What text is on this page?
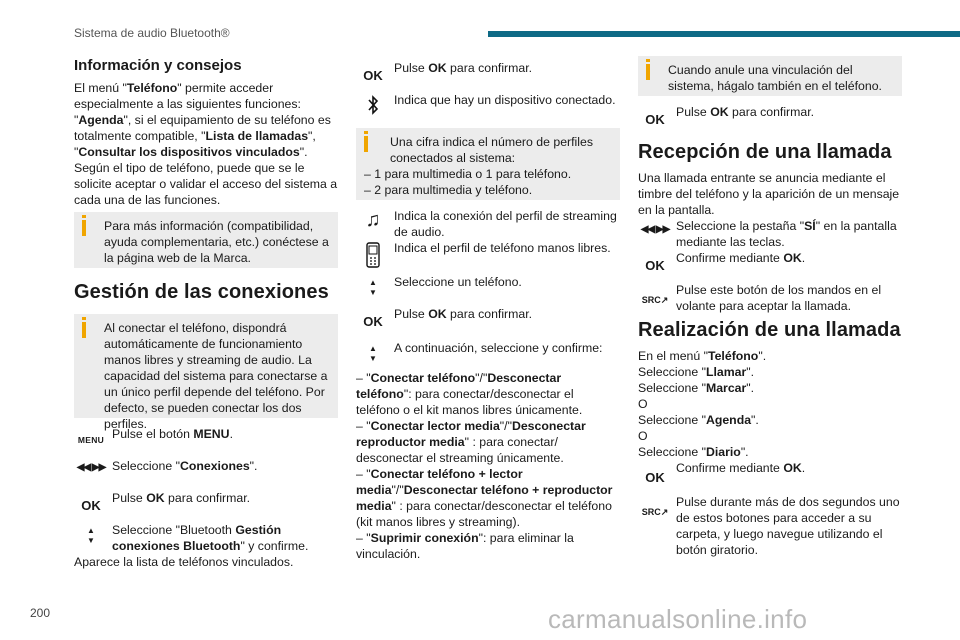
Sistema de audio Bluetooth®
Información y consejos
El menú "Teléfono" permite acceder especialmente a las siguientes funciones: "Agenda", si el equipamiento de su teléfono es totalmente compatible, "Lista de llamadas", "Consultar los dispositivos vinculados". Según el tipo de teléfono, puede que se le solicite aceptar o validar el acceso del sistema a cada una de las funciones.
Para más información (compatibilidad, ayuda complementaria, etc.) conéctese a la página web de la Marca.
Gestión de las conexiones
Al conectar el teléfono, dispondrá automáticamente de funcionamiento manos libres y streaming de audio. La capacidad del sistema para conectarse a un único perfil depende del teléfono. Por defecto, se pueden conectar los dos perfiles.
MENU Pulse el botón MENU.
◀◀ ▶▶ Seleccione "Conexiones".
OK Pulse OK para confirmar.
▲
▼
Seleccione "Bluetooth Gestión conexiones Bluetooth" y confirme.
Aparece la lista de teléfonos vinculados.
OK Pulse OK para confirmar.
Indica que hay un dispositivo conectado.
Una cifra indica el número de perfiles conectados al sistema:
– 1 para multimedia o 1 para teléfono.
– 2 para multimedia y teléfono.
♫	Indica la conexión del perfil de streaming de audio.
Indica el perfil de teléfono manos libres.
▲
▼
Seleccione un teléfono.
OK Pulse OK para confirmar.
▲
▼
A continuación, seleccione y confirme:
– "Conectar teléfono"/"Desconectar teléfono": para conectar/desconectar el teléfono o el kit manos libres únicamente.
– "Conectar lector media"/"Desconectar reproductor media" : para conectar/ desconectar el streaming únicamente.
– "Conectar teléfono + lector media"/"Desconectar teléfono + reproductor media" : para conectar/desconectar el teléfono (kit manos libres y streaming).
– "Suprimir conexión": para eliminar la vinculación.
Cuando anule una vinculación del sistema, hágalo también en el teléfono.
OK Pulse OK para confirmar.
Recepción de una llamada
Una llamada entrante se anuncia mediante el timbre del teléfono y la aparición de un mensaje en la pantalla.
◀◀ ▶▶ Seleccione la pestaña "SÍ" en la pantalla mediante las teclas.
OK Confirme mediante OK.
SRC↗
Pulse este botón de los mandos en el volante para aceptar la llamada.
Realización de una llamada
En el menú "Teléfono".
Seleccione "Llamar".
Seleccione "Marcar".
O
Seleccione "Agenda".
O
Seleccione "Diario".
OK
Confirme mediante OK.
SRC↗
Pulse durante más de dos segundos uno de estos botones para acceder a su carpeta, y luego navegue utilizando el botón giratorio.
200	carmanualsonline.info
